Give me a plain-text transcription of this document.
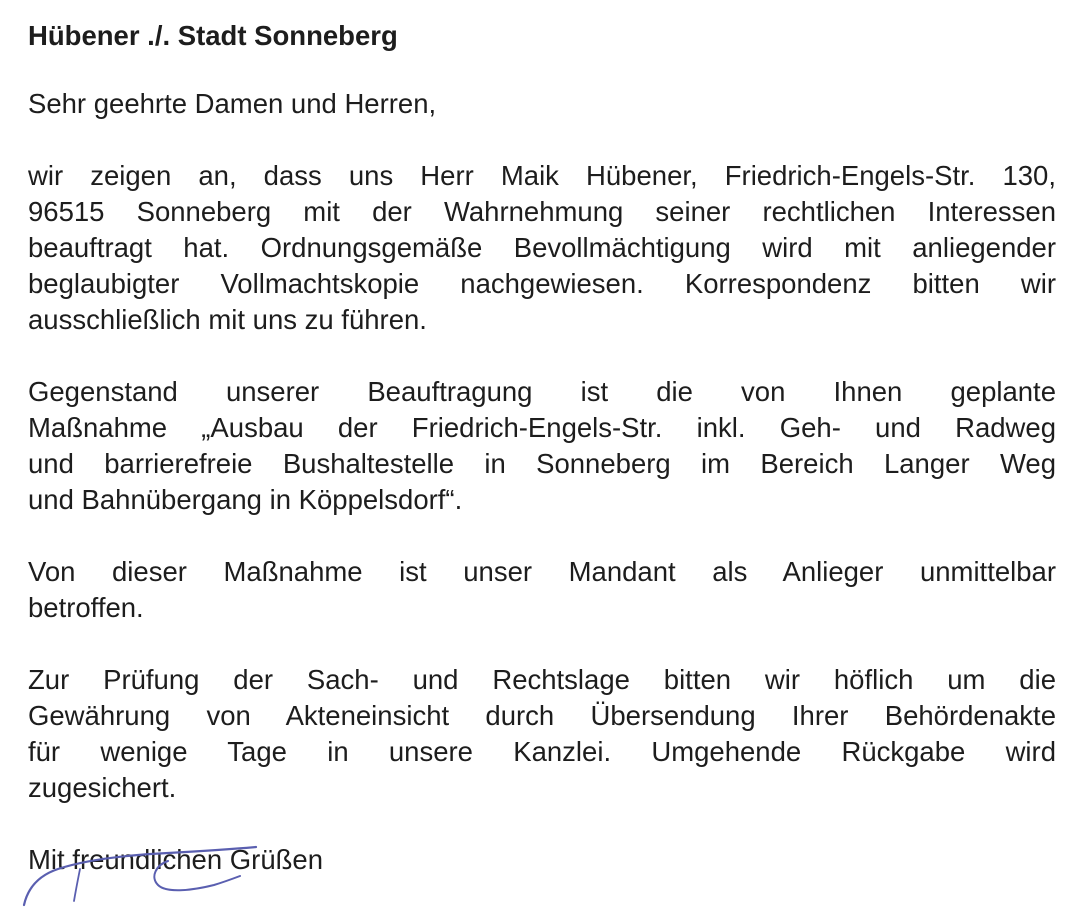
Hübener ./. Stadt Sonneberg
Sehr geehrte Damen und Herren,
wir zeigen an, dass uns Herr Maik Hübener, Friedrich-Engels-Str. 130,
96515 Sonneberg mit der Wahrnehmung seiner rechtlichen Interessen
beauftragt hat. Ordnungsgemäße Bevollmächtigung wird mit anliegender
beglaubigter Vollmachtskopie nachgewiesen. Korrespondenz bitten wir
ausschließlich mit uns zu führen.
Gegenstand unserer Beauftragung ist die von Ihnen geplante
Maßnahme „Ausbau der Friedrich-Engels-Str. inkl. Geh- und Radweg
und barrierefreie Bushaltestelle in Sonneberg im Bereich Langer Weg
und Bahnübergang in Köppelsdorf“.
Von dieser Maßnahme ist unser Mandant als Anlieger unmittelbar
betroffen.
Zur Prüfung der Sach- und Rechtslage bitten wir höflich um die
Gewährung von Akteneinsicht durch Übersendung Ihrer Behördenakte
für wenige Tage in unsere Kanzlei. Umgehende Rückgabe wird
zugesichert.
Mit freundlichen Grüßen
